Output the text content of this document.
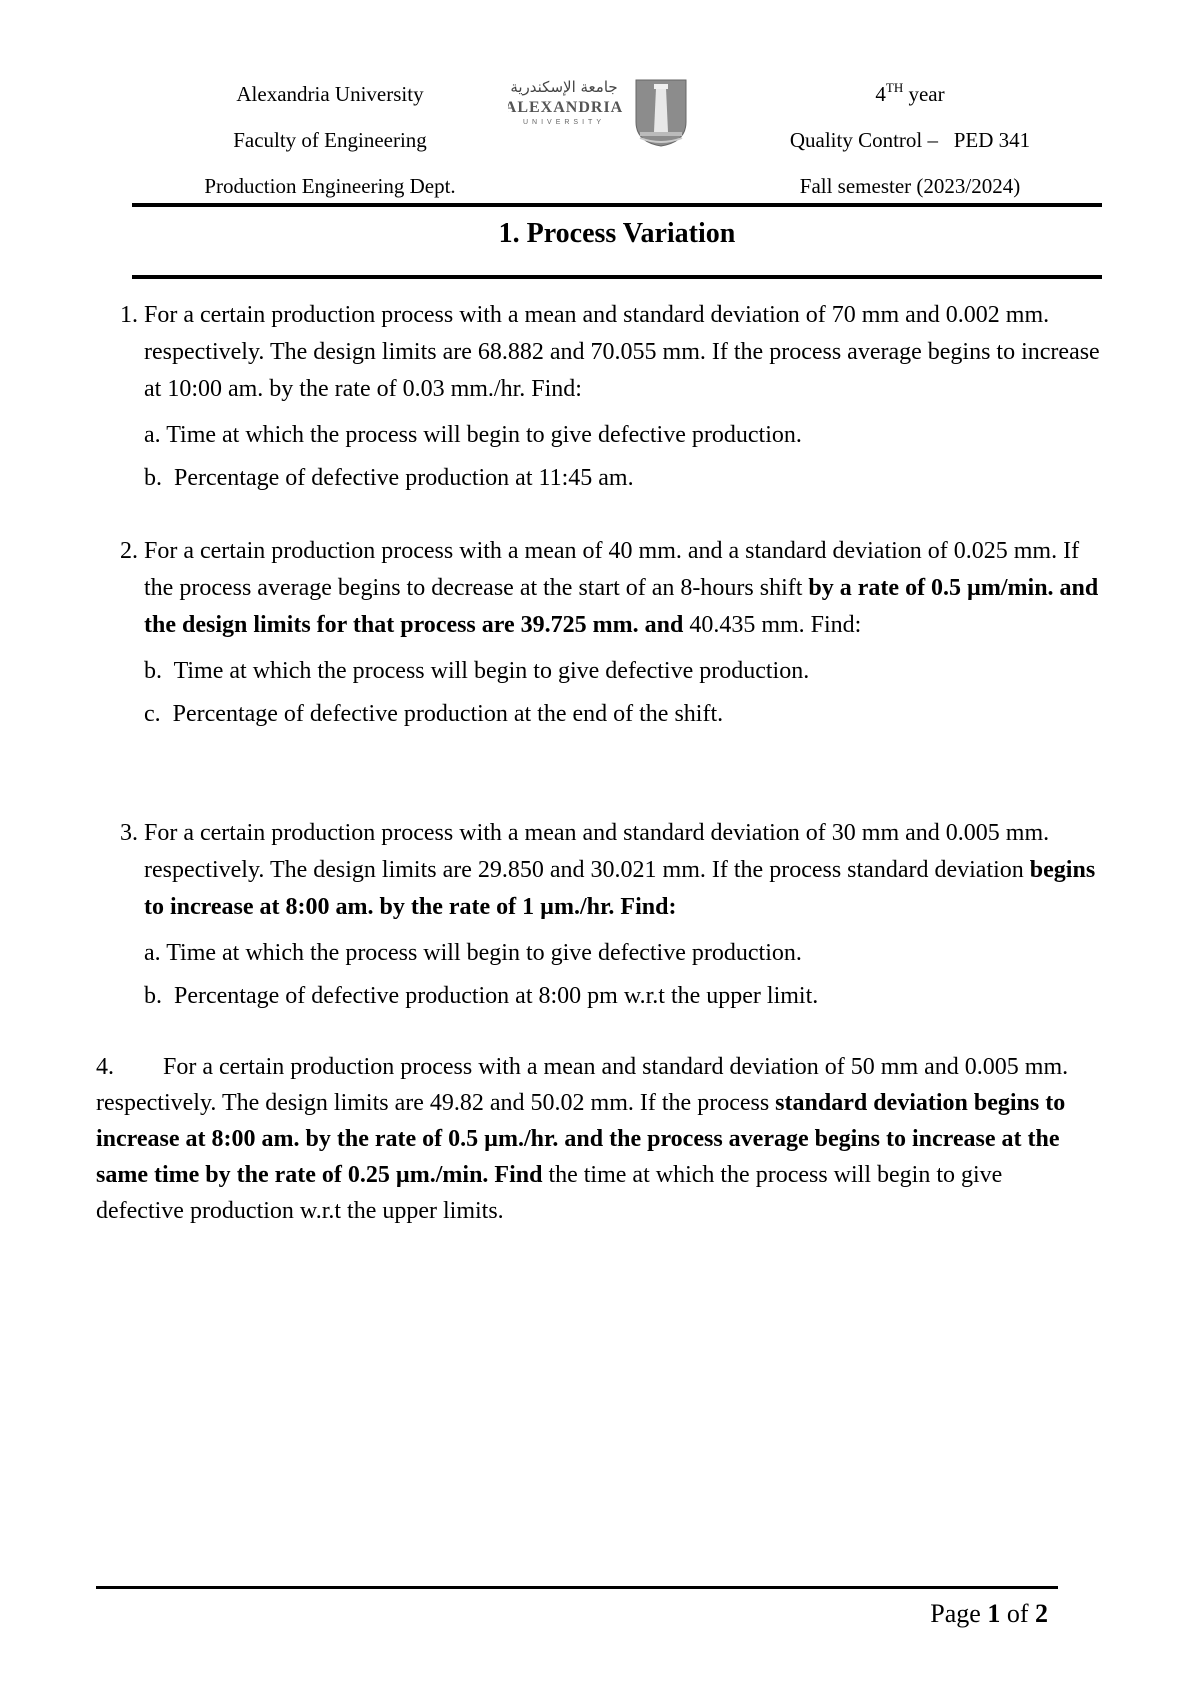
Alexandria University
Faculty of Engineering
Production Engineering Dept.
جامعة الإسكندرية
ALEXANDRIA
UNIVERSITY
4TH year
Quality Control –   PED 341
Fall semester (2023/2024)
1. Process Variation
1. For a certain production process with a mean and standard deviation of 70 mm and 0.002 mm. respectively. The design limits are 68.882 and 70.055 mm. If the process average begins to increase at 10:00 am. by the rate of 0.03 mm./hr. Find:
a. Time at which the process will begin to give defective production.
b.  Percentage of defective production at 11:45 am.
2. For a certain production process with a mean of 40 mm. and a standard deviation of 0.025 mm. If the process average begins to decrease at the start of an 8-hours shift by a rate of 0.5 µm/min. and the design limits for that process are 39.725 mm. and 40.435 mm. Find:
b.  Time at which the process will begin to give defective production.
c.  Percentage of defective production at the end of the shift.
3. For a certain production process with a mean and standard deviation of 30 mm and 0.005 mm. respectively. The design limits are 29.850 and 30.021 mm. If the process standard deviation begins to increase at 8:00 am. by the rate of 1 µm./hr. Find:
a. Time at which the process will begin to give defective production.
b.  Percentage of defective production at 8:00 pm w.r.t the upper limit.
4. For a certain production process with a mean and standard deviation of 50 mm and 0.005 mm. respectively. The design limits are 49.82 and 50.02 mm. If the process standard deviation begins to increase at 8:00 am. by the rate of 0.5 µm./hr. and the process average begins to increase at the same time by the rate of 0.25 µm./min. Find the time at which the process will begin to give defective production w.r.t the upper limits.
Page 1 of 2
